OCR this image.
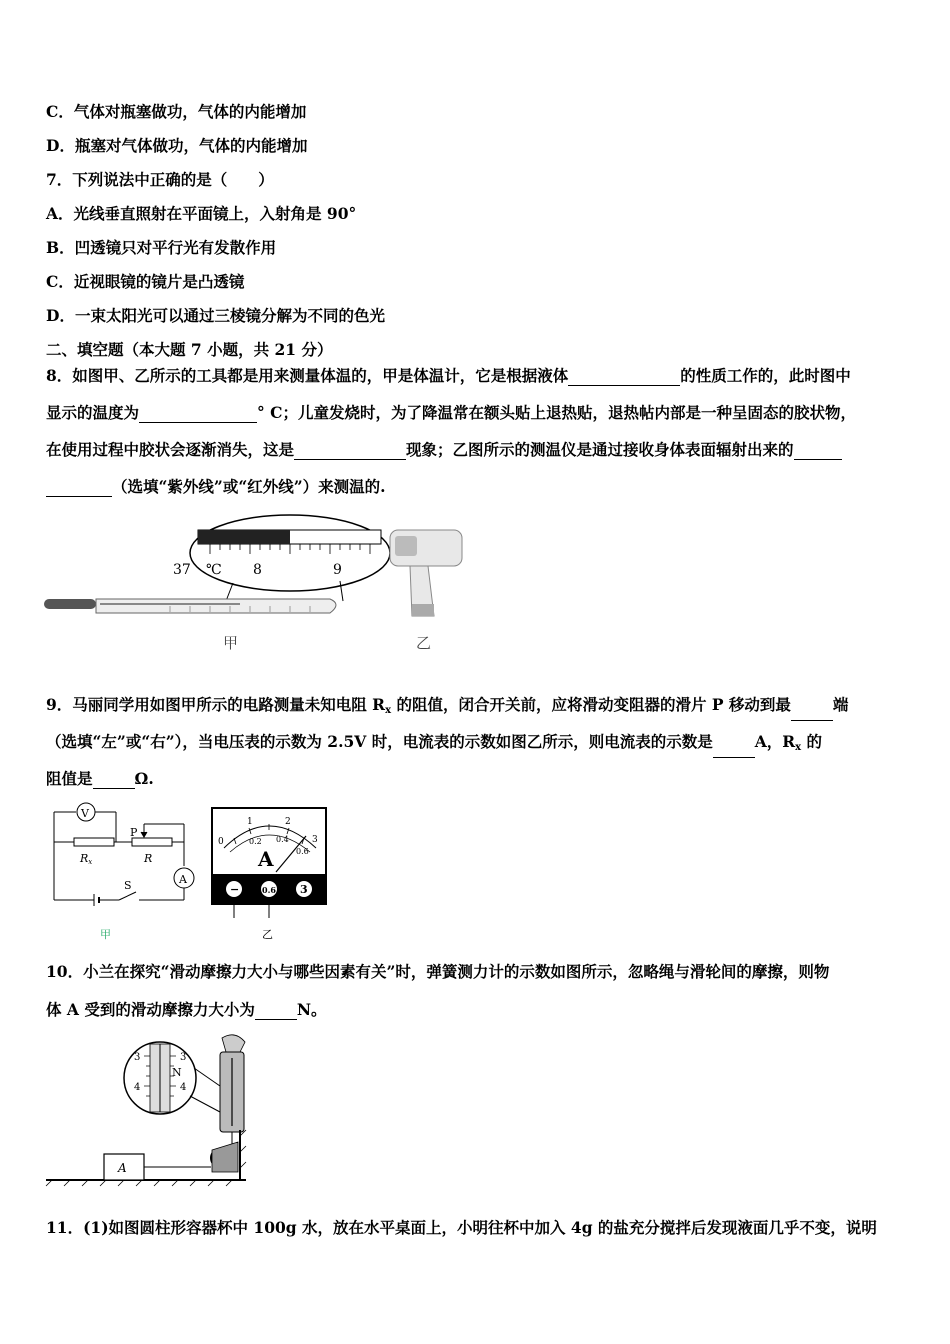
C．气体对瓶塞做功，气体的内能增加
D．瓶塞对气体做功，气体的内能增加
7．下列说法中正确的是（　　）
A．光线垂直照射在平面镜上，入射角是 90°
B．凹透镜只对平行光有发散作用
C．近视眼镜的镜片是凸透镜
D．一束太阳光可以通过三棱镜分解为不同的色光
二、填空题（本大题 7 小题，共 21 分）
8．如图甲、乙所示的工具都是用来测量体温的，甲是体温计，它是根据液体	的性质工作的，此时图中
显示的温度为	° C；儿童发烧时，为了降温常在额头贴上退热贴，退热帖内部是一种呈固态的胶状物，
在使用过程中胶状会逐渐消失，这是	现象；乙图所示的测温仪是通过接收身体表面辐射出来的
（选填“紫外线”或“红外线”）来测温的.
37 ℃ 8	9
甲	乙
9．马丽同学用如图甲所示的电路测量未知电阻 $R_x$ 的阻值，闭合开关前，应将滑动变阻器的滑片 P 移动到最	端
（选填“左”或“右”），当电压表的示数为 2.5V 时，电流表的示数如图乙所示，则电流表的示数是	A，$R_x$ 的
阻值是	Ω.
V
A
P
Rx	R
S
甲
0
1	2
3
0.2 0.4
0.6
A
−	0.6 3
乙
10．小兰在探究“滑动摩擦力大小与哪些因素有关”时，弹簧测力计的示数如图所示，忽略绳与滑轮间的摩擦，则物
体 A 受到的滑动摩擦力大小为	N。
3
4
3
4
N
A
11．(1)如图圆柱形容器杯中 100g 水，放在水平桌面上，小明往杯中加入 4g 的盐充分搅拌后发现液面几乎不变，说明
